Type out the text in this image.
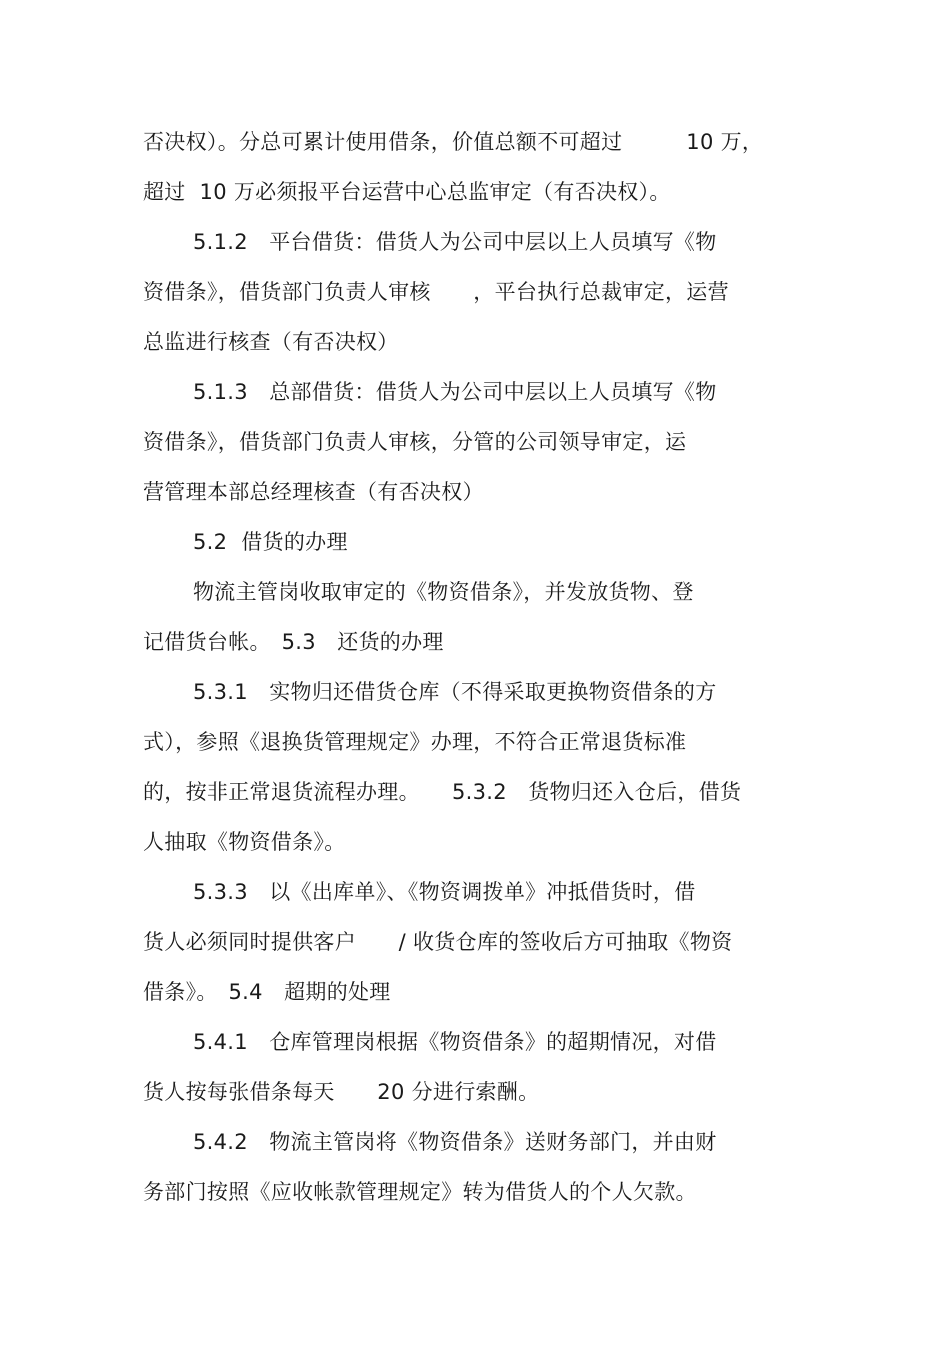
否决权）。分总可累计使用借条，价值总额不可超过　　　10 万，
超过  10 万必须报平台运营中心总监审定（有否决权）。
5.1.2　平台借货：借货人为公司中层以上人员填写《物
资借条》，借货部门负责人审核　　，平台执行总裁审定，运营
总监进行核查（有否决权）
5.1.3　总部借货：借货人为公司中层以上人员填写《物
资借条》，借货部门负责人审核，分管的公司领导审定，运
营管理本部总经理核查（有否决权）
5.2  借货的办理
物流主管岗收取审定的《物资借条》，并发放货物、登
记借货台帐。　5.3　还货的办理
5.3.1　实物归还借货仓库（不得采取更换物资借条的方
式），参照《退换货管理规定》办理，不符合正常退货标准
的，按非正常退货流程办理。　　5.3.2　货物归还入仓后，借货
人抽取《物资借条》。
5.3.3　以《出库单》、《物资调拨单》冲抵借货时，借
货人必须同时提供客户　　/ 收货仓库的签收后方可抽取《物资
借条》。　5.4　超期的处理
5.4.1　仓库管理岗根据《物资借条》的超期情况，对借
货人按每张借条每天　　20 分进行索酬。
5.4.2　物流主管岗将《物资借条》送财务部门，并由财
务部门按照《应收帐款管理规定》转为借货人的个人欠款。
